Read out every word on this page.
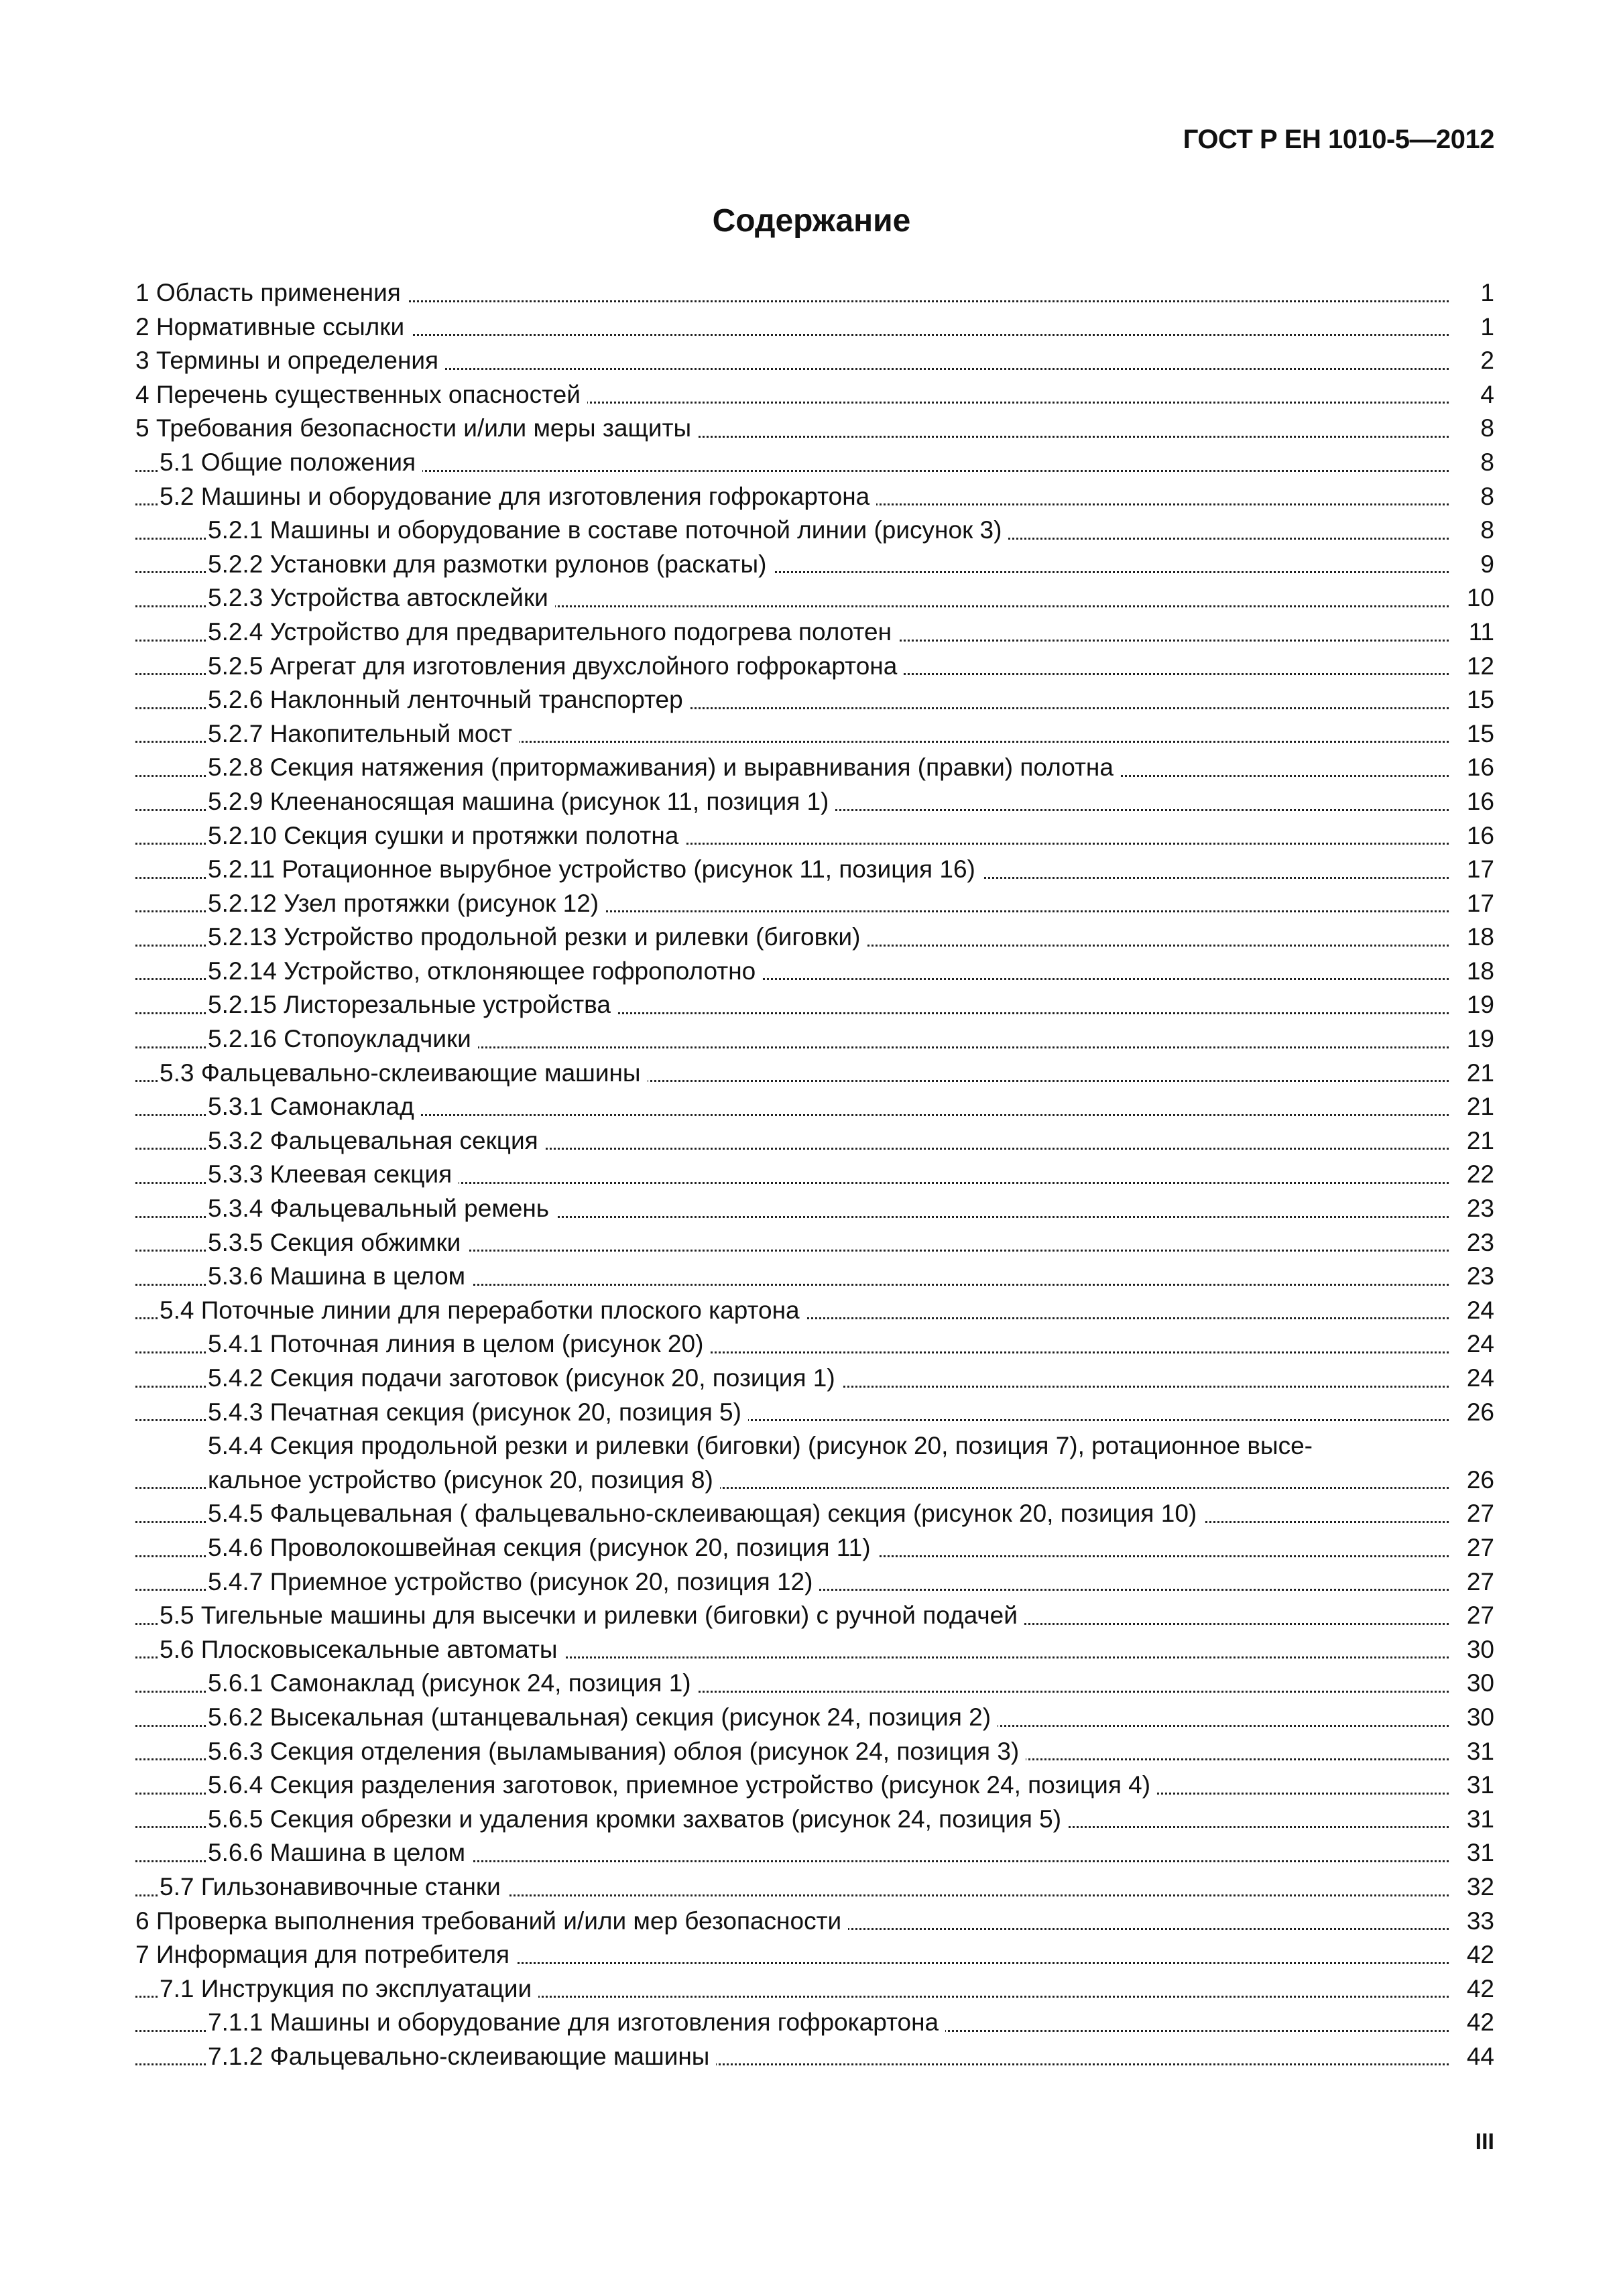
ГОСТ Р ЕН 1010-5—2012
Содержание
1 Область применения	1
2 Нормативные ссылки	1
3 Термины и определения	2
4 Перечень существенных опасностей	4
5 Требования безопасности и/или меры защиты	8
5.1 Общие положения	8
5.2 Машины и оборудование для изготовления гофрокартона	8
5.2.1 Машины и оборудование в составе поточной линии (рисунок 3)	8
5.2.2 Установки для размотки рулонов (раскаты)	9
5.2.3 Устройства автосклейки	10
5.2.4 Устройство для предварительного подогрева полотен	11
5.2.5 Агрегат для изготовления двухслойного гофрокартона	12
5.2.6 Наклонный ленточный транспортер	15
5.2.7 Накопительный мост	15
5.2.8 Секция натяжения (притормаживания) и выравнивания (правки) полотна	16
5.2.9 Клеенаносящая машина (рисунок 11, позиция 1)	16
5.2.10 Секция сушки и протяжки полотна	16
5.2.11 Ротационное вырубное устройство (рисунок 11, позиция 16)	17
5.2.12 Узел протяжки (рисунок 12)	17
5.2.13 Устройство продольной резки и рилевки (биговки)	18
5.2.14 Устройство, отклоняющее гофрополотно	18
5.2.15 Листорезальные устройства	19
5.2.16 Стопоукладчики	19
5.3 Фальцевально-склеивающие машины	21
5.3.1 Самонаклад	21
5.3.2 Фальцевальная секция	21
5.3.3 Клеевая секция	22
5.3.4 Фальцевальный ремень	23
5.3.5 Секция обжимки	23
5.3.6 Машина в целом	23
5.4 Поточные линии для переработки плоского картона	24
5.4.1 Поточная линия в целом (рисунок 20)	24
5.4.2 Секция подачи заготовок (рисунок 20, позиция 1)	24
5.4.3 Печатная секция (рисунок 20, позиция 5)	26
5.4.4 Секция продольной резки и рилевки (биговки) (рисунок 20, позиция 7), ротационное высе-
кальное устройство (рисунок 20, позиция 8)	26
5.4.5 Фальцевальная ( фальцевально-склеивающая) секция (рисунок 20, позиция 10)	27
5.4.6 Проволокошвейная секция (рисунок 20, позиция 11)	27
5.4.7 Приемное устройство (рисунок 20, позиция 12)	27
5.5 Тигельные машины для высечки и рилевки (биговки) с ручной подачей	27
5.6 Плосковысекальные автоматы	30
5.6.1 Самонаклад (рисунок 24, позиция 1)	30
5.6.2 Высекальная (штанцевальная) секция (рисунок 24, позиция 2)	30
5.6.3 Секция отделения (выламывания) облоя (рисунок 24, позиция 3)	31
5.6.4 Секция разделения заготовок, приемное устройство (рисунок 24, позиция 4)	31
5.6.5 Секция обрезки и удаления кромки захватов (рисунок 24, позиция 5)	31
5.6.6 Машина в целом	31
5.7 Гильзонавивочные станки	32
6 Проверка выполнения требований и/или мер безопасности	33
7 Информация для потребителя	42
7.1 Инструкция по эксплуатации	42
7.1.1 Машины и оборудование для изготовления гофрокартона	42
7.1.2 Фальцевально-склеивающие машины	44
III
